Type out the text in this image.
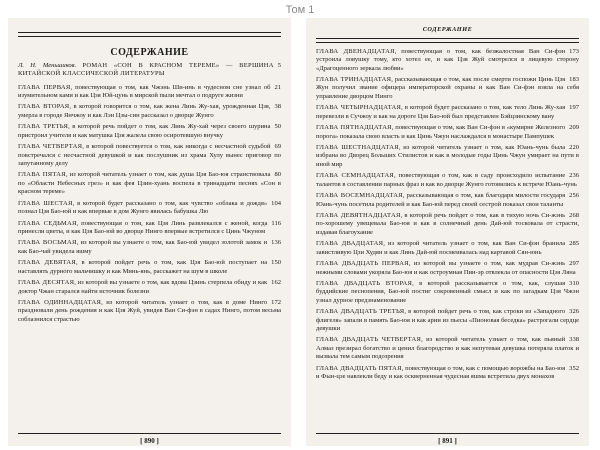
Том 1
СОДЕРЖАНИЕ
5
Л. Н. Меньшиков. РОМАН «СОН В КРАСНОМ ТЕРЕМЕ» — ВЕРШИНА КИТАЙСКОЙ КЛАССИЧЕСКОЙ ЛИТЕРАТУРЫ
21
ГЛАВА ПЕРВАЯ, повествующая о том, как Чжэнь Ши-инь в чудесном сне узнал об изумительном ками и как Цзя Юй-цунь в мирской пыли мечтал о подруге жизни
38
ГЛАВА ВТОРАЯ, в которой говорится о том, как жена Линь Жу-хая, урожденная Цзя, умерла в городе Янчжоу и как Лэн Цзы-син рассказал о дворце Жунго
50
ГЛАВА ТРЕТЬЯ, в которой речь пойдет о том, как Линь Жу-хай через своего шурина пристроил учителя и как матушка Цзя жалела свою осиротевшую внучку
69
ГЛАВА ЧЕТВЕРТАЯ, в которой повествуется о том, как никогда с несчастной судьбой повстречался с несчастной девушкой и как послушник из храма Хулу вынес приговор по запутанному делу
80
ГЛАВА ПЯТАЯ, из которой читатель узнает о том, как душа Цзя Бао-юя странствовала по «Области Небесных грез» и как фея Цзин-хуань воспела в тринадцати песнях «Сон в красном тереме»
104
ГЛАВА ШЕСТАЯ, в которой будет рассказано о том, как чувство «облака и дождя» познал Цзя Бао-юй и как впервые в дом Жунго явилась бабушка Лю
116
ГЛАВА СЕДЬМАЯ, повествующая о том, как Цзя Линь развлекался с женой, когда принесли цветы, и как Цзя Бао-юй во дворце Нинго впервые встретился с Цинь Чжуном
136
ГЛАВА ВОСЬМАЯ, из которой вы узнаете о том, как Бао-юй увидел золотой замок и как Бао-чай увидела яшму
150
ГЛАВА ДЕВЯТАЯ, в которой пойдет речь о том, как Цзя Бао-юй поступает на наставлять дурного мальчишку и как Минь-янь, расскажет на шум в школе
162
ГЛАВА ДЕСЯТАЯ, из которой вы узнаете о том, как вдова Цзинь стерпела обиду и как доктор Чжан старался найти источник болезни
172
ГЛАВА ОДИННАДЦАТАЯ, из которой читатель узнает о том, как в доме Нинго праздновали день рождения и как Цзя Жуй, увидев Ван Си-фэн в садах Нинго, потом весьма соблазнился страстью
[ 890 ]
СОДЕРЖАНИЕ
173
ГЛАВА ДВЕНАДЦАТАЯ, повествующая о том, как безжалостная Ван Си-фэн устроила ловушку тому, кто хотел ее, и как Цзя Жуй смотрелся в лицевую сторону «Драгоценного зеркала любви»
183
ГЛАВА ТРИНАДЦАТАЯ, рассказывающая о том, как после смерти госпожи Цинь Цзя Жун получил звание офицера императорской охраны и как Ван Си-фэн взяла на себя управление дворцом Нинго
197
ГЛАВА ЧЕТЫРНАДЦАТАЯ, в которой будет рассказано о том, как тело Линь Жу-хая перевезли в Сучжоу и как на дороге Цзя Бао-юй был представлен Бэйцзинскому вану
209
ГЛАВА ПЯТНАДЦАТАЯ, повествующая о том, как Ван Си-фэн в «кумирне Железного порога» показала свою власть и как Цинь Чжун наслаждался в монастыре Пампушек
220
ГЛАВА ШЕСТНАДЦАТАЯ, из которой читатель узнает о том, как Юань-чунь была избрана во Дворец Больших Стилистов и как в молодые годы Цинь Чжун умирает на пути в иной мир
236
ГЛАВА СЕМНАДЦАТАЯ, повествующая о том, как в саду происходило испытание талантов в составлении парных фраз и как во дворце Жунго готовились к встрече Юань-чунь
256
ГЛАВА ВОСЕМНАДЦАТАЯ, рассказывающая о том, как благодаря милости государя Юань-чунь посетила родителей и как Бао-юй перед своей сестрой показал свои таланты
268
ГЛАВА ДЕВЯТНАДЦАТАЯ, в которой речь пойдет о том, как в тихую ночь Си-жэнь по-хорошему увещевала Бао-юя и как в солнечный день Дай-юй тосковала от страсти, издавая благоухание
285
ГЛАВА ДВАДЦАТАЯ, из которой читатель узнает о том, как Ван Си-фэн бранила завистливую Цзи Худян и как Линь Дай-юй посмеивалась над картавой Сян-юнь
297
ГЛАВА ДВАДЦАТЬ ПЕРВАЯ, из которой вы узнаете о том, как мудрая Си-жэнь нежными словами укоряла Бао-юя и как остроумная Пин-эр отвлекла от опасности Цзя Ляна
310
ГЛАВА ДВАДЦАТЬ ВТОРАЯ, в которой рассказывается о том, как, слушая буддийские песнопения, Бао-юй постиг сокровенный смысл и как по загадкам Цзя Чжэн узнал дурное предзнаменование
326
ГЛАВА ДВАДЦАТЬ ТРЕТЬЯ, в которой пойдет речь о том, как строки из «Западного флигеля» запали в память Бао-юя и как арии из пьесы «Пионовая беседка» растрогали сердце девушки
338
ГЛАВА ДВАДЦАТЬ ЧЕТВЕРТАЯ, из которой читатель узнает о том, как пьяный Алмаз презирал богатство и ценил благородство и как непутевая девушка потеряла платок и вызвала тем самым подозрения
352
ГЛАВА ДВАДЦАТЬ ПЯТАЯ, повествующая о том, как с помощью ворожбы на Бао-юя и Фын-цзе навлекли беду и как оскверненная чудесная яшма встретила двух монахов
[ 891 ]
